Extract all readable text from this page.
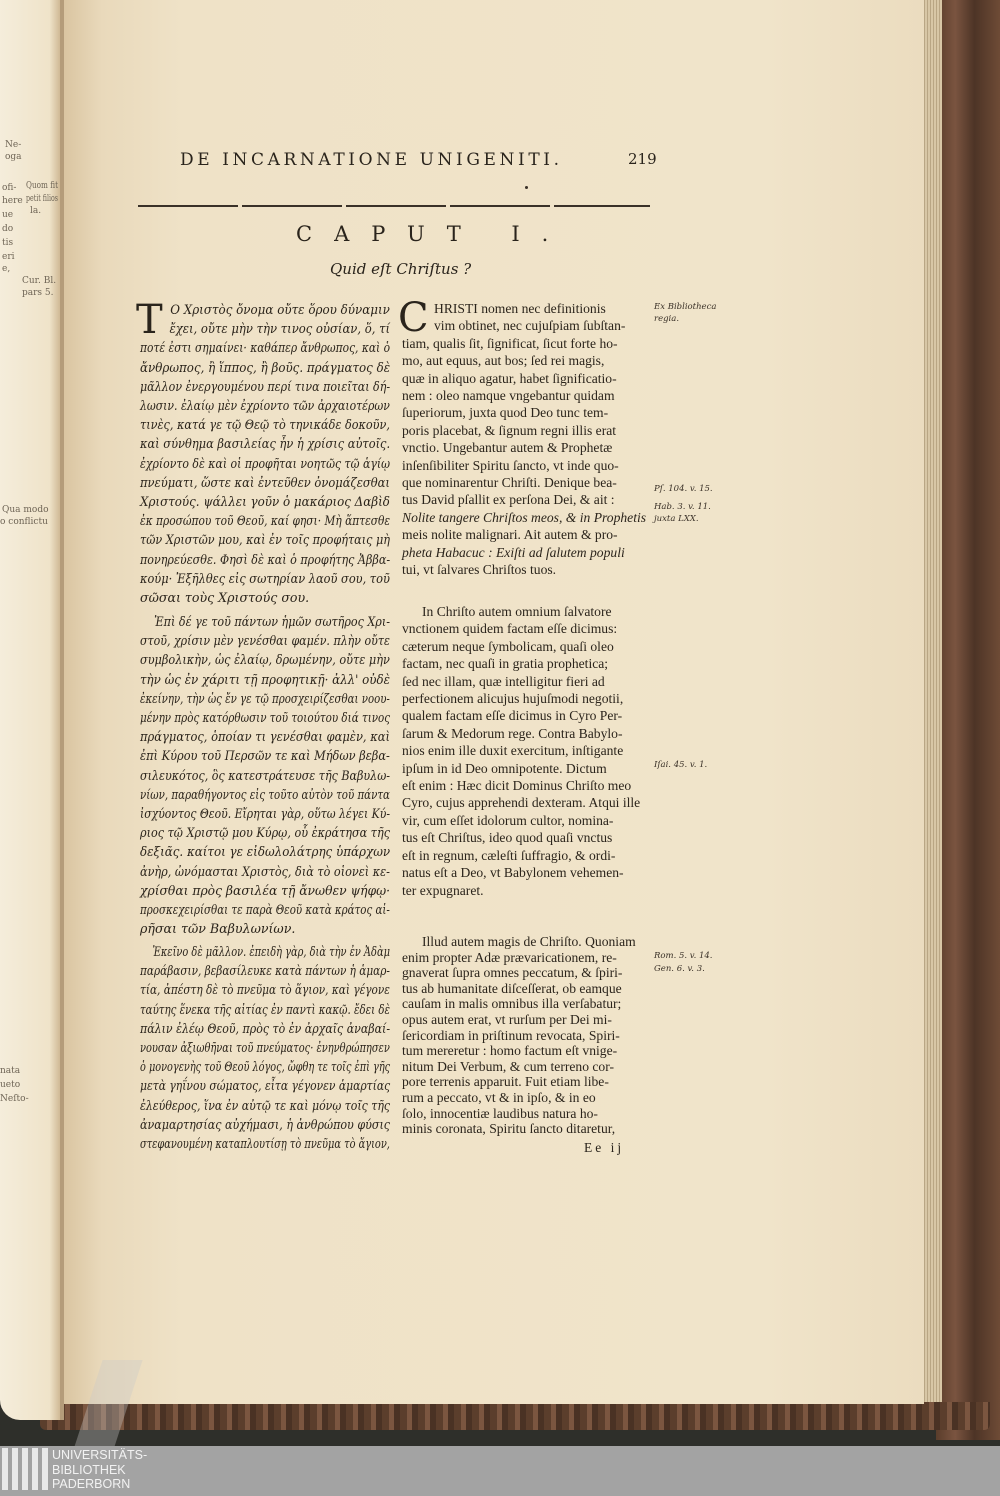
Ne-
oga
ofi- Quom fit
here petit filios
la.
ue
do
tis
eri
e,
Cur. Bl.
pars 5.
Qua modo
o conflictu
nata
ueto
Neſto-
DE INCARNATIONE UNIGENITI.	219
CAPUT I.
Quid eſt Chriſtus ?
T	C
O Χριστὸς ὄνομα οὔτε ὅρου δύναμιν
ἔχει, οὔτε μὴν τὴν τινος οὐσίαν, ὅ, τί
ποτέ ἐστι σημαίνει· καθάπερ ἄνθρωπος, καὶ ὁ
ἄνθρωπος, ἢ ἵππος, ἢ βοῦς. πράγματος δὲ
μᾶλλον ἐνεργουμένου περί τινα ποιεῖται δή-
λωσιν. ἐλαίῳ μὲν ἐχρίοντο τῶν ἀρχαιοτέρων
τινὲς, κατά γε τῷ Θεῷ τὸ τηνικάδε δοκοῦν,
καὶ σύνθημα βασιλείας ἦν ἡ χρίσις αὐτοῖς.
ἐχρίοντο δὲ καὶ οἱ προφῆται νοητῶς τῷ ἁγίῳ
πνεύματι, ὥστε καὶ ἐντεῦθεν ὀνομάζεσθαι
Χριστούς. ψάλλει γοῦν ὁ μακάριος Δαβὶδ
ἐκ προσώπου τοῦ Θεοῦ, καί φησι· Μὴ ἅπτεσθε
τῶν Χριστῶν μου, καὶ ἐν τοῖς προφήταις μὴ
πονηρεύεσθε. Φησὶ δὲ καὶ ὁ προφήτης Ἀββα-
κούμ· Ἐξῆλθες εἰς σωτηρίαν λαοῦ σου, τοῦ
σῶσαι τοὺς Χριστούς σου.
Ἐπὶ δέ γε τοῦ πάντων ἡμῶν σωτῆρος Χρι-
στοῦ, χρίσιν μὲν γενέσθαι φαμέν. πλὴν οὔτε
συμβολικὴν, ὡς ἐλαίῳ, δρωμένην, οὔτε μὴν
τὴν ὡς ἐν χάριτι τῇ προφητικῇ· ἀλλ' οὐδὲ
ἐκείνην, τὴν ὡς ἔν γε τῷ προσχειρίζεσθαι νοου-
μένην πρὸς κατόρθωσιν τοῦ τοιούτου διά τινος
πράγματος, ὁποίαν τι γενέσθαι φαμὲν, καὶ
ἐπὶ Κύρου τοῦ Περσῶν τε καὶ Μήδων βεβα-
σιλευκότος, ὃς κατεστράτευσε τῆς Βαβυλω-
νίων, παραθήγοντος εἰς τοῦτο αὐτὸν τοῦ πάντα
ἰσχύοντος Θεοῦ. Εἴρηται γὰρ, οὕτω λέγει Κύ-
ριος τῷ Χριστῷ μου Κύρῳ, οὗ ἐκράτησα τῆς
δεξιᾶς. καίτοι γε εἰδωλολάτρης ὑπάρχων
ἀνὴρ, ὠνόμασται Χριστὸς, διὰ τὸ οἱονεὶ κε-
χρίσθαι πρὸς βασιλέα τῇ ἄνωθεν ψήφῳ·
προσκεχειρίσθαι τε παρὰ Θεοῦ κατὰ κράτος αἱ-
ρῆσαι τῶν Βαβυλωνίων.
Ἐκεῖνο δὲ μᾶλλον. ἐπειδὴ γὰρ, διὰ τὴν ἐν Ἀδὰμ
παράβασιν, βεβασίλευκε κατὰ πάντων ἡ ἁμαρ-
τία, ἀπέστη δὲ τὸ πνεῦμα τὸ ἅγιον, καὶ γέγονε
ταύτης ἕνεκα τῆς αἰτίας ἐν παντὶ κακῷ. ἔδει δὲ
πάλιν ἐλέῳ Θεοῦ, πρὸς τὸ ἐν ἀρχαῖς ἀναβαί-
νουσαν ἀξιωθῆναι τοῦ πνεύματος· ἐνηνθρώπησεν
ὁ μονογενὴς τοῦ Θεοῦ λόγος, ὤφθη τε τοῖς ἐπὶ γῆς
μετὰ γηΐνου σώματος, εἶτα γέγονεν ἁμαρτίας
ἐλεύθερος, ἵνα ἐν αὐτῷ τε καὶ μόνῳ τοῖς τῆς
ἀναμαρτησίας αὐχήμασι, ἡ ἀνθρώπου φύσις
στεφανουμένη καταπλουτίσῃ τὸ πνεῦμα τὸ ἅγιον,
HRISTI nomen nec definitionis
vim obtinet, nec cujuſpiam ſubſtan-
tiam, qualis ſit, ſignificat, ſicut forte ho-
mo, aut equus, aut bos; ſed rei magis,
quæ in aliquo agatur, habet ſignificatio-
nem : oleo namque vngebantur quidam
ſuperiorum, juxta quod Deo tunc tem-
poris placebat, & ſignum regni illis erat
vnctio. Ungebantur autem & Prophetæ
inſenſibiliter Spiritu ſancto, vt inde quo-
que nominarentur Chriſti. Denique bea-
tus David pſallit ex perſona Dei, & ait :
Nolite tangere Chriſtos meos, & in Prophetis
meis nolite malignari. Ait autem & pro-
pheta Habacuc : Exiſti ad ſalutem populi
tui, vt ſalvares Chriſtos tuos.
In Chriſto autem omnium ſalvatore
vnctionem quidem factam eſſe dicimus:
cæterum neque ſymbolicam, quaſi oleo
factam, nec quaſi in gratia prophetica;
ſed nec illam, quæ intelligitur fieri ad
perfectionem alicujus hujuſmodi negotii,
qualem factam eſſe dicimus in Cyro Per-
ſarum & Medorum rege. Contra Babylo-
nios enim ille duxit exercitum, inſtigante
ipſum in id Deo omnipotente. Dictum
eſt enim : Hæc dicit Dominus Chriſto meo
Cyro, cujus apprehendi dexteram. Atqui ille
vir, cum eſſet idolorum cultor, nomina-
tus eſt Chriſtus, ideo quod quaſi vnctus
eſt in regnum, cæleſti ſuffragio, & ordi-
natus eſt a Deo, vt Babylonem vehemen-
ter expugnaret.
Illud autem magis de Chriſto. Quoniam
enim propter Adæ prævaricationem, re-
gnaverat ſupra omnes peccatum, & ſpiri-
tus ab humanitate diſceſſerat, ob eamque
cauſam in malis omnibus illa verſabatur;
opus autem erat, vt rurſum per Dei mi-
ſericordiam in priſtinum revocata, Spiri-
tum mereretur : homo factum eſt vnige-
nitum Dei Verbum, & cum terreno cor-
pore terrenis apparuit. Fuit etiam libe-
rum a peccato, vt & in ipſo, & in eo
ſolo, innocentiæ laudibus natura ho-
minis coronata, Spiritu ſancto ditaretur,
Ex Bibliotheca
regia.
Pſ. 104. v. 15.
Hab. 3. v. 11.
juxta LXX.
Iſai. 45. v. 1.
Rom. 5. v. 14.
Gen. 6. v. 3.
Ee ij
UNIVERSITÄTS-
BIBLIOTHEK
PADERBORN
